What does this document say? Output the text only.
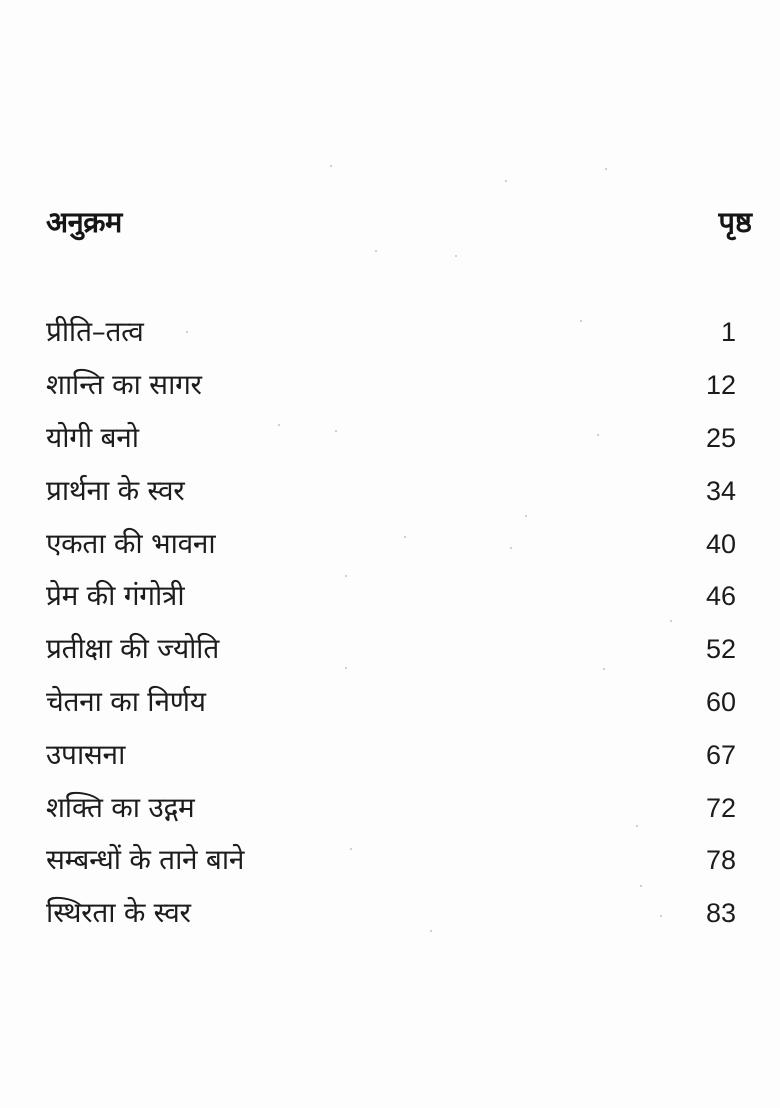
अनुक्रम	पृष्ठ
प्रीति–तत्व	1
शान्ति का सागर	12
योगी बनो	25
प्रार्थना के स्वर	34
एकता की भावना	40
प्रेम की गंगोत्री	46
प्रतीक्षा की ज्योति	52
चेतना का निर्णय	60
उपासना	67
शक्ति का उद्गम	72
सम्बन्धों के ताने बाने	78
स्थिरता के स्वर	83
